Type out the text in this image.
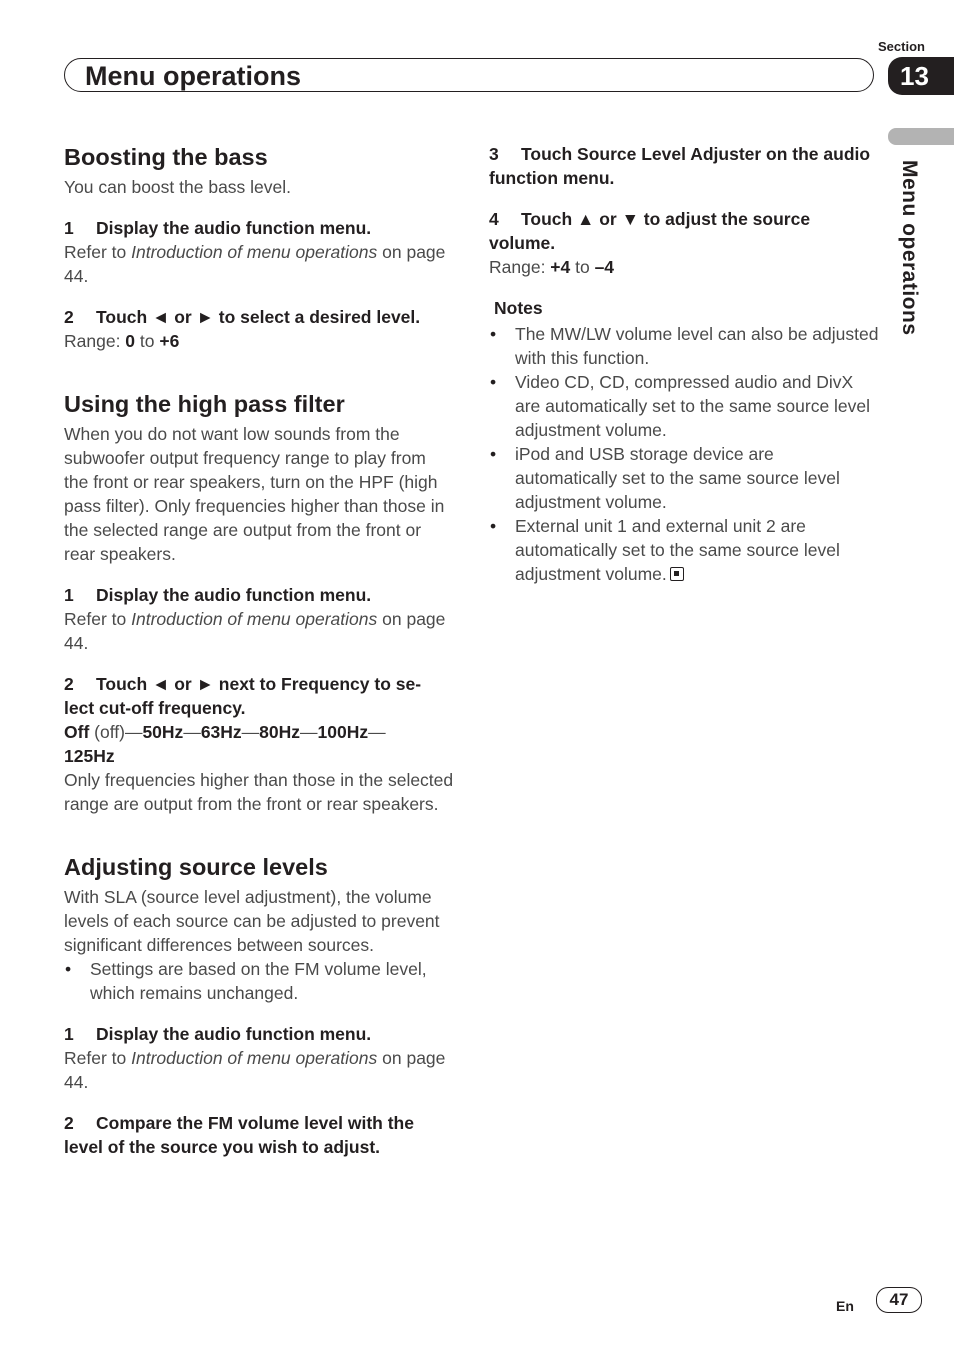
Section
Menu operations	13
Menu operations
Boosting the bass

You can boost the bass level.

1 Display the audio function menu.

Refer to Introduction of menu operations on page 44.

2 Touch ◄ or ► to select a desired level.

Range: 0 to +6

Using the high pass filter

When you do not want low sounds from the subwoofer output frequency range to play from the front or rear speakers, turn on the HPF (high pass filter). Only frequencies higher than those in the selected range are output from the front or rear speakers.

1 Display the audio function menu.

Refer to Introduction of menu operations on page 44.

2 Touch ◄ or ► next to Frequency to se-
lect cut-off frequency.

Off (off)—50Hz—63Hz—80Hz—100Hz—
125Hz

Only frequencies higher than those in the selected range are output from the front or rear speakers.

Adjusting source levels

With SLA (source level adjustment), the volume levels of each source can be adjusted to prevent significant differences between sources.

• Settings are based on the FM volume level, which remains unchanged.

1 Display the audio function menu.

Refer to Introduction of menu operations on page 44.

2 Compare the FM volume level with the level of the source you wish to adjust.

3 Touch Source Level Adjuster on the audio function menu.

4 Touch ▲ or ▼ to adjust the source volume.

Range: +4 to –4

Notes

• The MW/LW volume level can also be adjusted with this function.
• Video CD, CD, compressed audio and DivX are automatically set to the same source level adjustment volume.
• iPod and USB storage device are automatically set to the same source level adjustment volume.
• External unit 1 and external unit 2 are automatically set to the same source level adjustment volume.
En	47
